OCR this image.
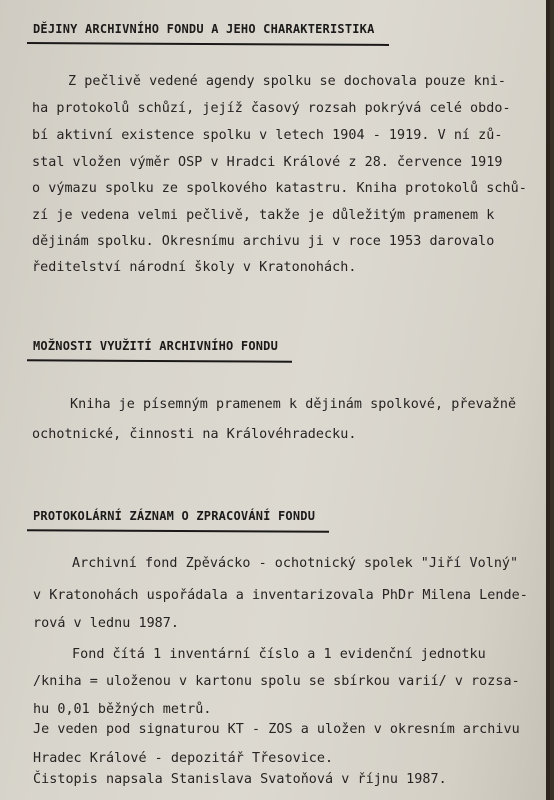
DĚJINY ARCHIVNÍHO FONDU A JEHO CHARAKTERISTIKA
Z pečlivě vedené agendy spolku se dochovala pouze kni-
ha protokolů schůzí, jejíž časový rozsah pokrývá celé obdo-
bí aktivní existence spolku v letech 1904 - 1919. V ní zů-
stal vložen výměr OSP v Hradci Králové z 28. července 1919
o výmazu spolku ze spolkového katastru. Kniha protokolů schů-
zí je vedena velmi pečlivě, takže je důležitým pramenem k
dějinám spolku. Okresnímu archivu ji v roce 1953 darovalo
ředitelství národní školy v Kratonohách.
MOŽNOSTI VYUŽITÍ ARCHIVNÍHO FONDU
Kniha je písemným pramenem k dějinám spolkové, převažně
ochotnické, činnosti na Královéhradecku.
PROTOKOLÁRNÍ ZÁZNAM O ZPRACOVÁNÍ FONDU
Archivní fond Zpěvácko - ochotnický spolek "Jiří Volný"
v Kratonohách uspořádala a inventarizovala PhDr Milena Lende-
rová v lednu 1987.
Fond čítá 1 inventární číslo a 1 evidenční jednotku
/kniha = uloženou v kartonu spolu se sbírkou varií/ v rozsa-
hu 0,01 běžných metrů.
Je veden pod signaturou KT - ZOS a uložen v okresním archivu
Hradec Králové - depozitář Třesovice.
Čistopis napsala Stanislava Svatoňová v říjnu 1987.
